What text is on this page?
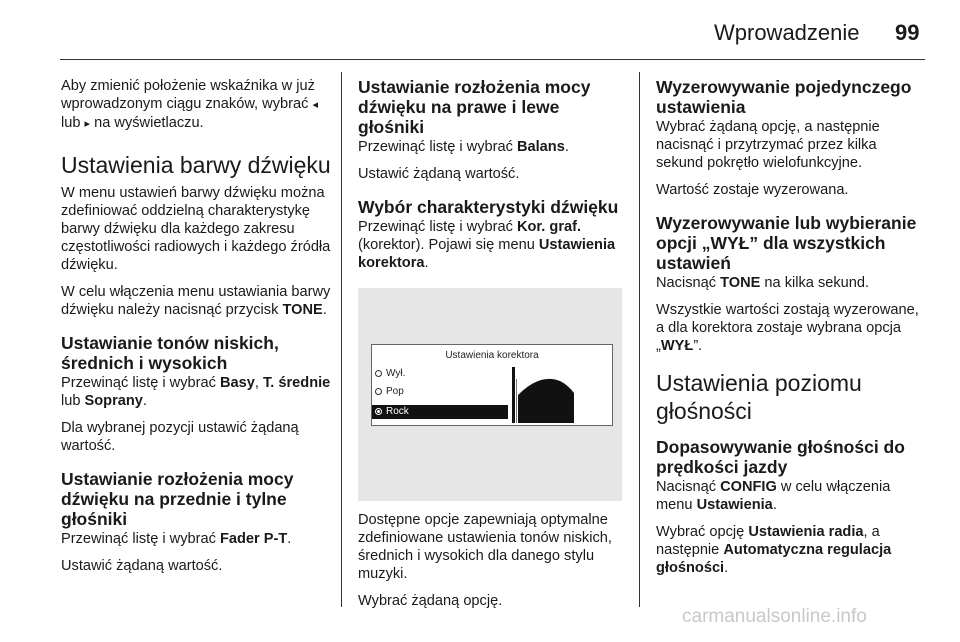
Wprowadzenie 99

Aby zmienić położenie wskaźnika w już wprowadzonym ciągu znaków, wybrać ◂ lub ▸ na wyświetlaczu.

Ustawienia barwy dźwięku

W menu ustawień barwy dźwięku można zdefiniować oddzielną charakterystykę barwy dźwięku dla każdego zakresu częstotliwości radiowych i każdego źródła dźwięku.

W celu włączenia menu ustawiania barwy dźwięku należy nacisnąć przycisk TONE.

Ustawianie tonów niskich, średnich i wysokich

Przewinąć listę i wybrać Basy, T. średnie lub Soprany.

Dla wybranej pozycji ustawić żądaną wartość.

Ustawianie rozłożenia mocy dźwięku na przednie i tylne głośniki

Przewinąć listę i wybrać Fader P-T.

Ustawić żądaną wartość.

Ustawianie rozłożenia mocy dźwięku na prawe i lewe głośniki

Przewinąć listę i wybrać Balans.

Ustawić żądaną wartość.

Wybór charakterystyki dźwięku

Przewinąć listę i wybrać Kor. graf. (korektor). Pojawi się menu Ustawienia korektora.

Ustawienia korektora
Wył.
Pop
Rock

Dostępne opcje zapewniają optymalne zdefiniowane ustawienia tonów niskich, średnich i wysokich dla danego stylu muzyki.

Wybrać żądaną opcję.

Wyzerowywanie pojedynczego ustawienia

Wybrać żądaną opcję, a następnie nacisnąć i przytrzymać przez kilka sekund pokrętło wielofunkcyjne.

Wartość zostaje wyzerowana.

Wyzerowywanie lub wybieranie opcji „WYŁ” dla wszystkich ustawień

Nacisnąć TONE na kilka sekund.

Wszystkie wartości zostają wyzerowane, a dla korektora zostaje wybrana opcja „WYŁ”.

Ustawienia poziomu głośności
Dopasowywanie głośności do prędkości jazdy

Nacisnąć CONFIG w celu włączenia menu Ustawienia.

Wybrać opcję Ustawienia radia, a następnie Automatyczna regulacja głośności.

carmanualsonline.info
